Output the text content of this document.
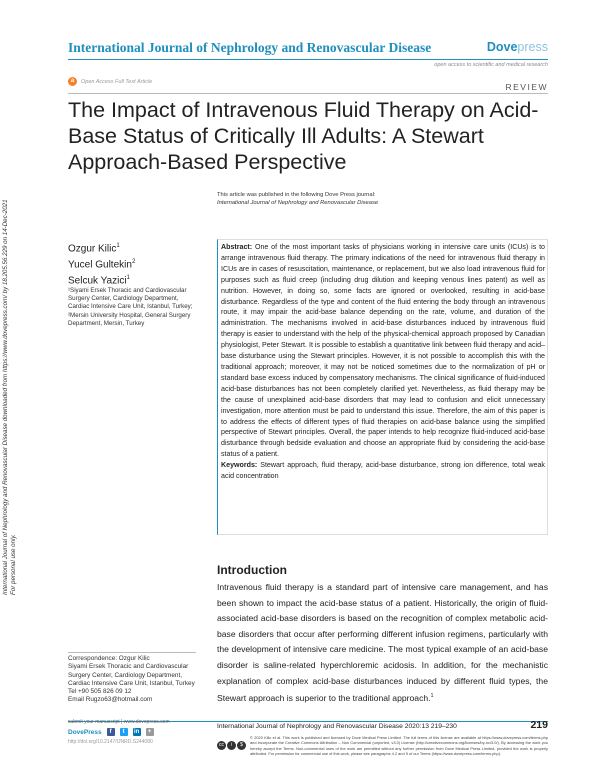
International Journal of Nephrology and Renovascular Disease downloaded from https://www.dovepress.com/ by 18.205.56.229 on 14-Dec-2021 For personal use only.
International Journal of Nephrology and Renovascular Disease	Dovepress
open access to scientific and medical research
a	Open Access Full Text Article
REVIEW
The Impact of Intravenous Fluid Therapy on Acid-Base Status of Critically Ill Adults: A Stewart Approach-Based Perspective
This article was published in the following Dove Press journal:
International Journal of Nephrology and Renovascular Disease
Ozgur Kilic$^1$
Yucel Gultekin$^2$
Selcuk Yazici$^1$

¹Siyami Ersek Thoracic and Cardiovascular Surgery Center, Cardiology Department, Cardiac Intensive Care Unit, Istanbul, Turkey;

²Mersin University Hospital, General Surgery Department, Mersin, Turkey

Abstract: One of the most important tasks of physicians working in intensive care units (ICUs) is to arrange intravenous fluid therapy. The primary indications of the need for intravenous fluid therapy in ICUs are in cases of resuscitation, maintenance, or replacement, but we also load intravenous fluid for purposes such as fluid creep (including drug dilution and keeping venous lines patent) as well as nutrition. However, in doing so, some facts are ignored or overlooked, resulting in acid-base disturbance. Regardless of the type and content of the fluid entering the body through an intravenous route, it may impair the acid-base balance depending on the rate, volume, and duration of the administration. The mechanisms involved in acid-base disturbances induced by intravenous fluid therapy is easier to understand with the help of the physical-chemical approach proposed by Canadian physiologist, Peter Stewart. It is possible to establish a quantitative link between fluid therapy and acid–base disturbance using the Stewart principles. However, it is not possible to accomplish this with the traditional approach; moreover, it may not be noticed sometimes due to the normalization of pH or standard base excess induced by compensatory mechanisms. The clinical significance of fluid-induced acid-base disturbances has not been completely clarified yet. Nevertheless, as fluid therapy may be the cause of unexplained acid-base disorders that may lead to confusion and elicit unnecessary investigation, more attention must be paid to understand this issue. Therefore, the aim of this paper is to address the effects of different types of fluid therapies on acid-base balance using the simplified perspective of Stewart principles. Overall, the paper intends to help recognize fluid-induced acid-base disturbance through bedside evaluation and choose an appropriate fluid by considering the acid-base status of a patient.
Keywords: Stewart approach, fluid therapy, acid-base disturbance, strong ion difference, total weak acid concentration
Introduction
Intravenous fluid therapy is a standard part of intensive care management, and has been shown to impact the acid-base status of a patient. Historically, the origin of fluid-associated acid-base disorders is based on the recognition of complex metabolic acid-base disorders that occur after performing different infusion regimens, particularly with the development of intensive care medicine. The most typical example of an acid-base disorder is saline-related hyperchloremic acidosis. In addition, for the mechanistic explanation of complex acid-base disturbances induced by different fluid types, the Stewart approach is superior to the traditional approach.$^1$
Correspondence: Ozgur Kilic
Siyami Ersek Thoracic and Cardiovascular Surgery Center, Cardiology Department, Cardiac Intensive Care Unit, Istanbul, Turkey
Tel +90 505 826 09 12
Email Rugzo63@hotmail.com
submit your manuscript | www.dovepress.com
DovePress	f	t	in	+
http://doi.org/10.2147/IJNRD.S244080
International Journal of Nephrology and Renovascular Disease 2020:13 219–230	219
cc	i	$
© 2020 Kilic et al. This work is published and licensed by Dove Medical Press Limited. The full terms of this license are available at https://www.dovepress.com/terms.php and incorporate the Creative Commons Attribution – Non Commercial (unported, v3.0) License (http://creativecommons.org/licenses/by-nc/3.0/). By accessing the work you hereby accept the Terms. Non-commercial uses of the work are permitted without any further permission from Dove Medical Press Limited, provided the work is properly attributed. For permission for commercial use of this work, please see paragraphs 4.2 and 5 of our Terms (https://www.dovepress.com/terms.php).
